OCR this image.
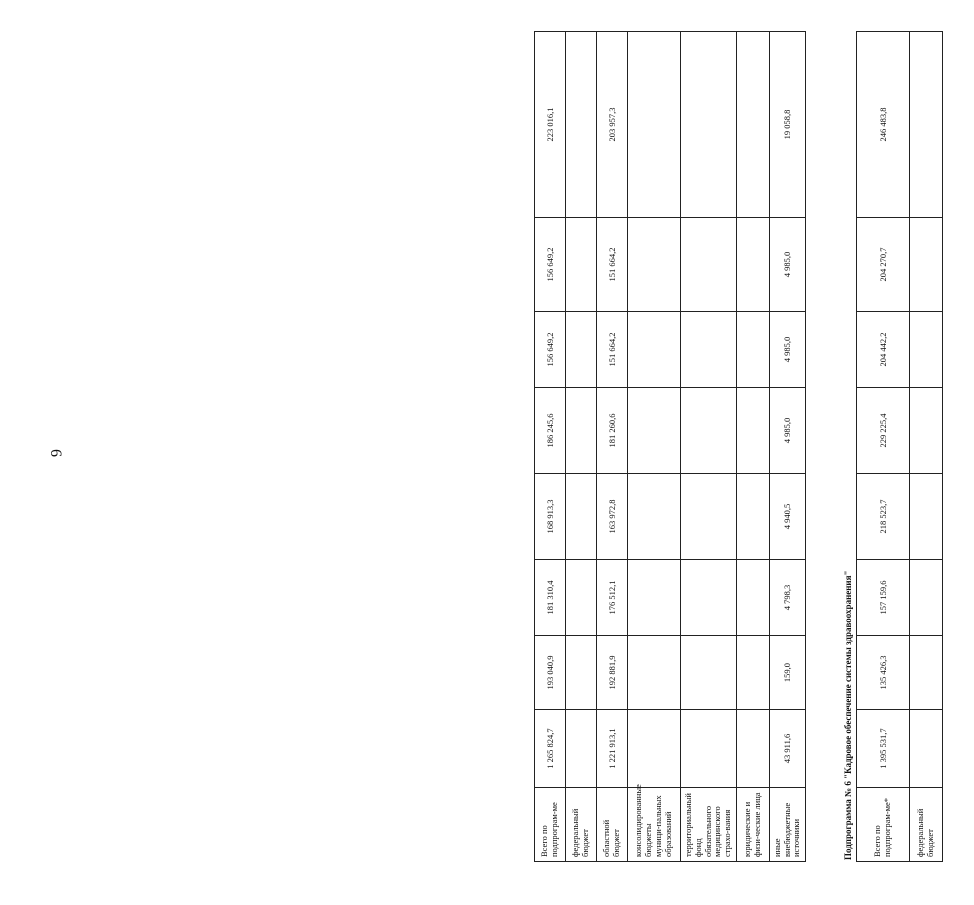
6
Всего по подпрограм-ме	1 265 824,7	193 040,9	181 310,4	168 913,3	186 245,6	156 649,2	156 649,2	223 016,1
федеральный бюджет								
областной бюджет	1 221 913,1	192 881,9	176 512,1	163 972,8	181 260,6	151 664,2	151 664,2	203 957,3
консолидированные бюджеты муници-пальных образований								
территориальный фонд обязательного медицинского страхо-вания								
юридические и физи-ческие лица								
иные внебюджетные источники	43 911,6	159,0	4 798,3	4 940,5	4 985,0	4 985,0	4 985,0	19 058,8
Подпрограмма № 6 "Кадровое обеспечение системы здравоохранения" Всего по подпрограм-ме*	1 395 531,7	135 426,3	157 159,6	218 523,7	229 225,4	204 442,2	204 270,7	246 483,8
федеральный бюджет								
